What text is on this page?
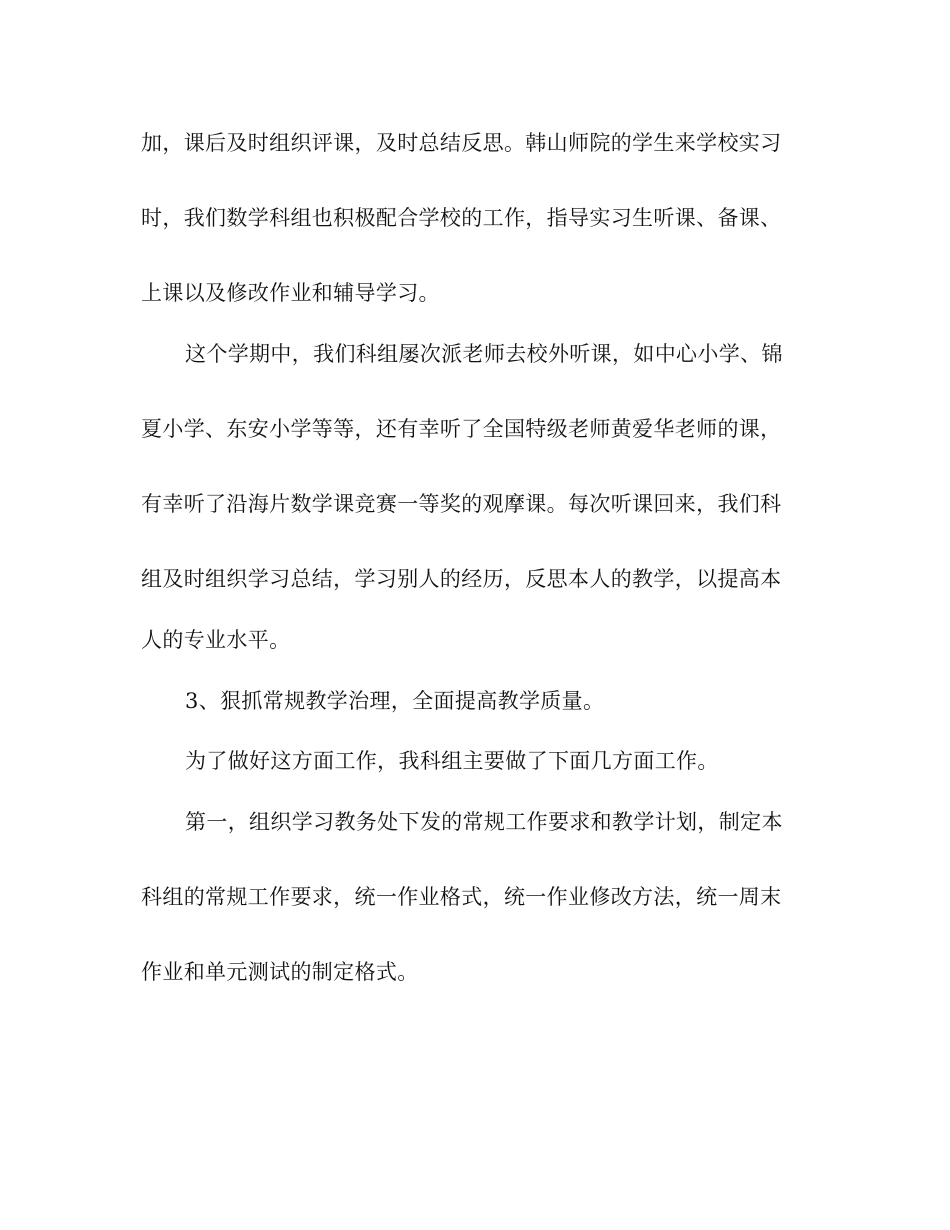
加，课后及时组织评课，及时总结反思。韩山师院的学生来学校实习
时，我们数学科组也积极配合学校的工作，指导实习生听课、备课、
上课以及修改作业和辅导学习。
这个学期中，我们科组屡次派老师去校外听课，如中心小学、锦
夏小学、东安小学等等，还有幸听了全国特级老师黄爱华老师的课，
有幸听了沿海片数学课竞赛一等奖的观摩课。每次听课回来，我们科
组及时组织学习总结，学习别人的经历，反思本人的教学，以提高本
人的专业水平。
3、狠抓常规教学治理，全面提高教学质量。
为了做好这方面工作，我科组主要做了下面几方面工作。
第一，组织学习教务处下发的常规工作要求和教学计划，制定本
科组的常规工作要求，统一作业格式，统一作业修改方法，统一周末
作业和单元测试的制定格式。
